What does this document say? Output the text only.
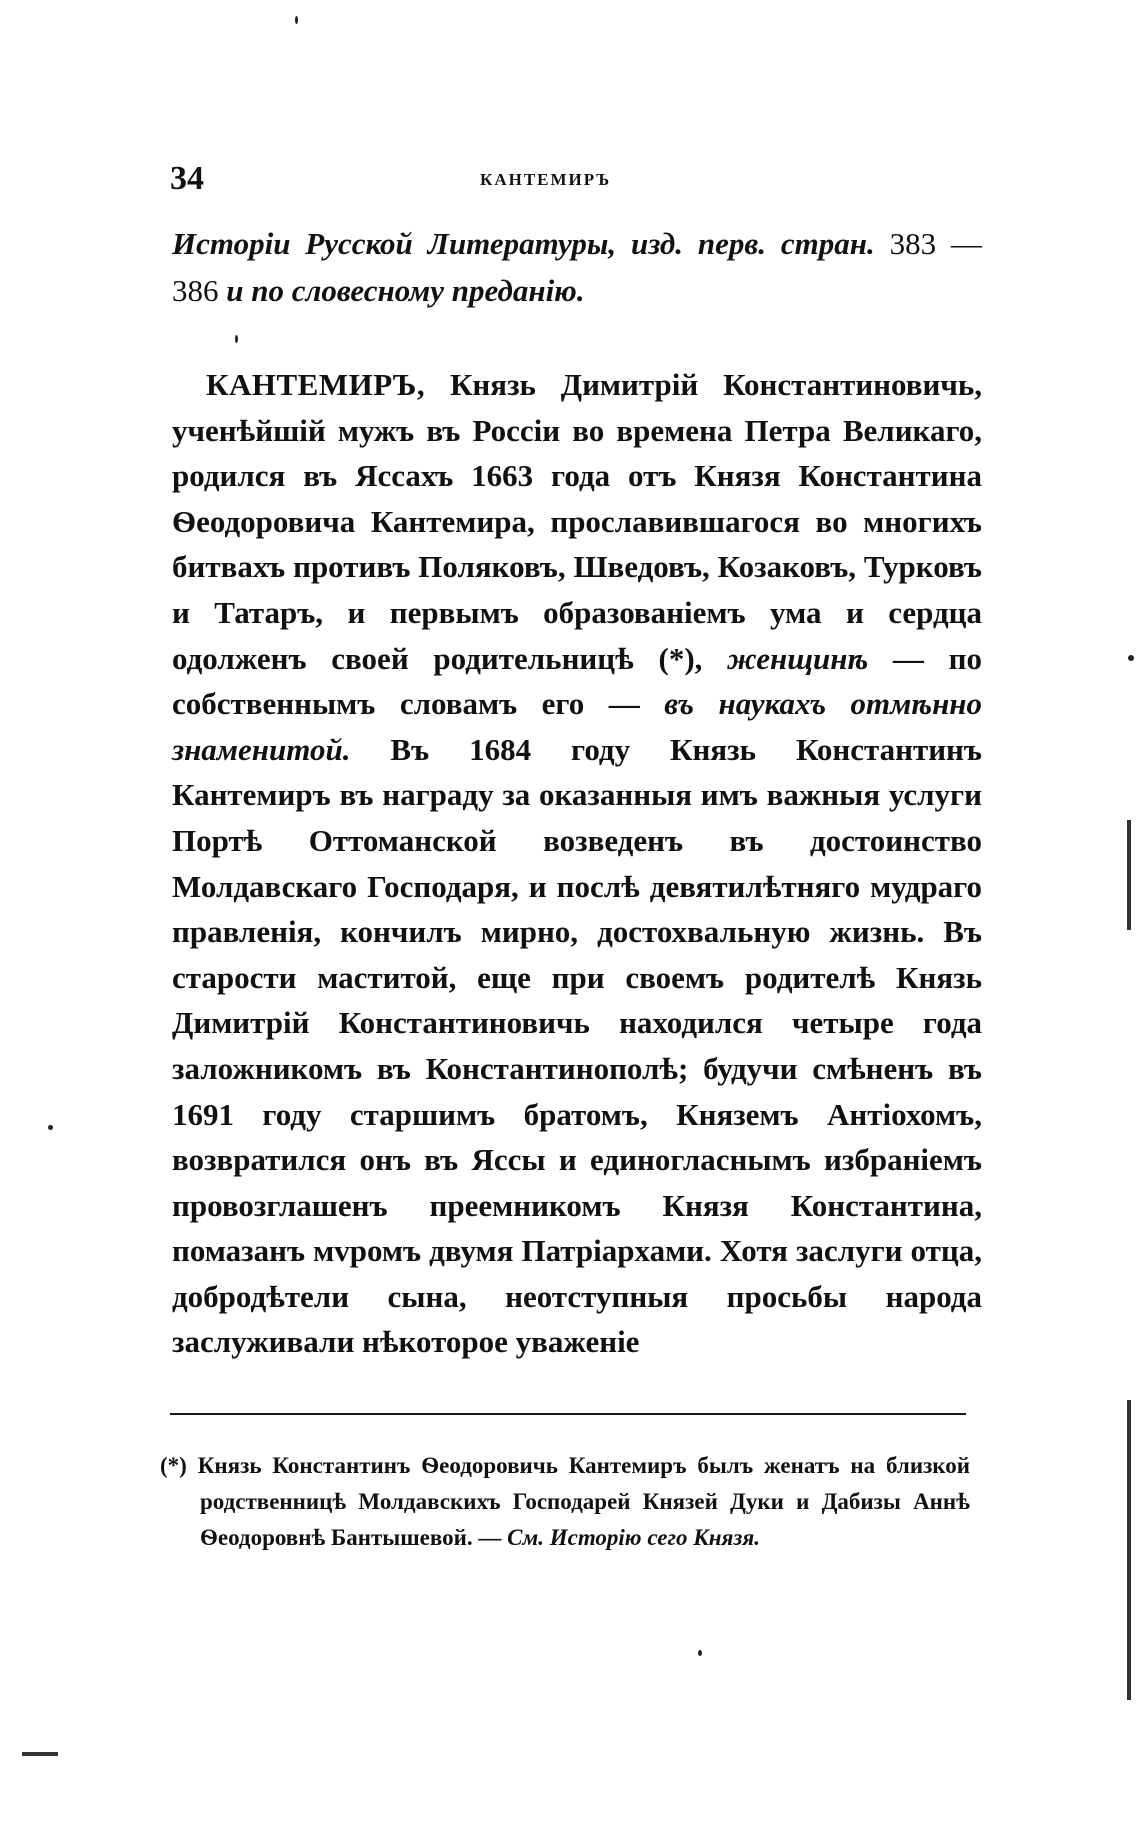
34	КАНТЕМИРЪ
Исторіи Русской Литературы, изд. перв. стран. 383 — 386 и по словесному преданію.
КАНТЕМИРЪ, Князь Димитрій Константиновичь, ученѣйшій мужъ въ Россіи во времена Петра Великаго, родился въ Яссахъ 1663 года отъ Князя Константина Ѳеодоровича Кантемира, прославившагося во многихъ битвахъ противъ Поляковъ, Шведовъ, Козаковъ, Турковъ и Татаръ, и первымъ образованіемъ ума и сердца одолженъ своей родительницѣ (*), женщинѣ — по собственнымъ словамъ его — въ наукахъ отмѣнно знаменитой. Въ 1684 году Князь Константинъ Кантемиръ въ награду за оказанныя имъ важныя услуги Портѣ Оттоманской возведенъ въ достоинство Молдавскаго Господаря, и послѣ девятилѣтняго мудраго правленія, кончилъ мирно, достохвальную жизнь. Въ старости маститой, еще при своемъ родителѣ Князь Димитрій Константиновичь находился четыре года заложникомъ въ Константинополѣ; будучи смѣненъ въ 1691 году старшимъ братомъ, Княземъ Антіохомъ, возвратился онъ въ Яссы и единогласнымъ избраніемъ провозглашенъ преемникомъ Князя Константина, помазанъ мvромъ двумя Патріархами. Хотя заслуги отца, добродѣтели сына, неотступныя просьбы народа заслуживали нѣкоторое уваженіе
(*) Князь Константинъ Ѳеодоровичь Кантемиръ былъ женатъ на близкой родственницѣ Молдавскихъ Господарей Князей Дуки и Дабизы Аннѣ Ѳеодоровнѣ Бантышевой. — См. Исторію сего Князя.
